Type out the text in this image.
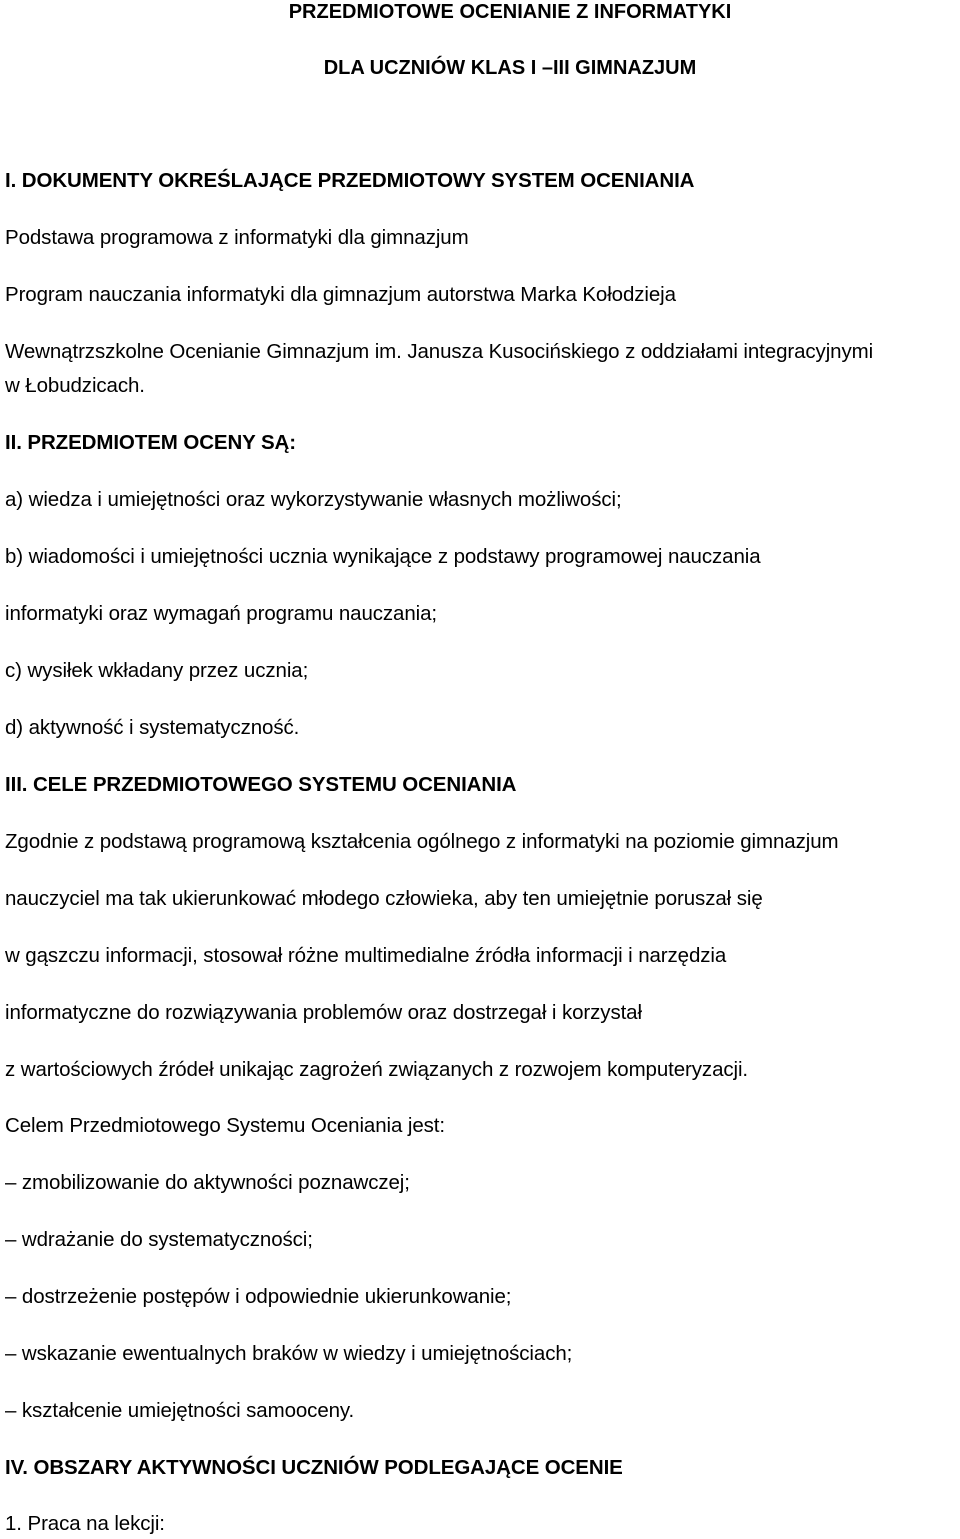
PRZEDMIOTOWE OCENIANIE Z INFORMATYKI
DLA UCZNIÓW KLAS I –III GIMNAZJUM
I. DOKUMENTY OKREŚLAJĄCE PRZEDMIOTOWY SYSTEM OCENIANIA
Podstawa programowa z informatyki dla gimnazjum
Program nauczania informatyki dla gimnazjum autorstwa Marka Kołodzieja
Wewnątrzszkolne Ocenianie Gimnazjum im. Janusza Kusocińskiego z oddziałami integracyjnymi
w Łobudzicach.
II. PRZEDMIOTEM OCENY SĄ:
a) wiedza i umiejętności oraz wykorzystywanie własnych możliwości;
b) wiadomości i umiejętności ucznia wynikające z podstawy programowej nauczania
informatyki oraz wymagań programu nauczania;
c) wysiłek wkładany przez ucznia;
d) aktywność i systematyczność.
III. CELE PRZEDMIOTOWEGO SYSTEMU OCENIANIA
Zgodnie z podstawą programową kształcenia ogólnego z informatyki na poziomie gimnazjum
nauczyciel ma tak ukierunkować młodego człowieka, aby ten umiejętnie poruszał się
w gąszczu informacji, stosował różne multimedialne źródła informacji i narzędzia
informatyczne do rozwiązywania problemów oraz dostrzegał i korzystał
z wartościowych źródeł unikając zagrożeń związanych z rozwojem komputeryzacji.
Celem Przedmiotowego Systemu Oceniania jest:
– zmobilizowanie do aktywności poznawczej;
– wdrażanie do systematyczności;
– dostrzeżenie postępów i odpowiednie ukierunkowanie;
– wskazanie ewentualnych braków w wiedzy i umiejętnościach;
– kształcenie umiejętności samooceny.
IV. OBSZARY AKTYWNOŚCI UCZNIÓW PODLEGAJĄCE OCENIE
1. Praca na lekcji:
